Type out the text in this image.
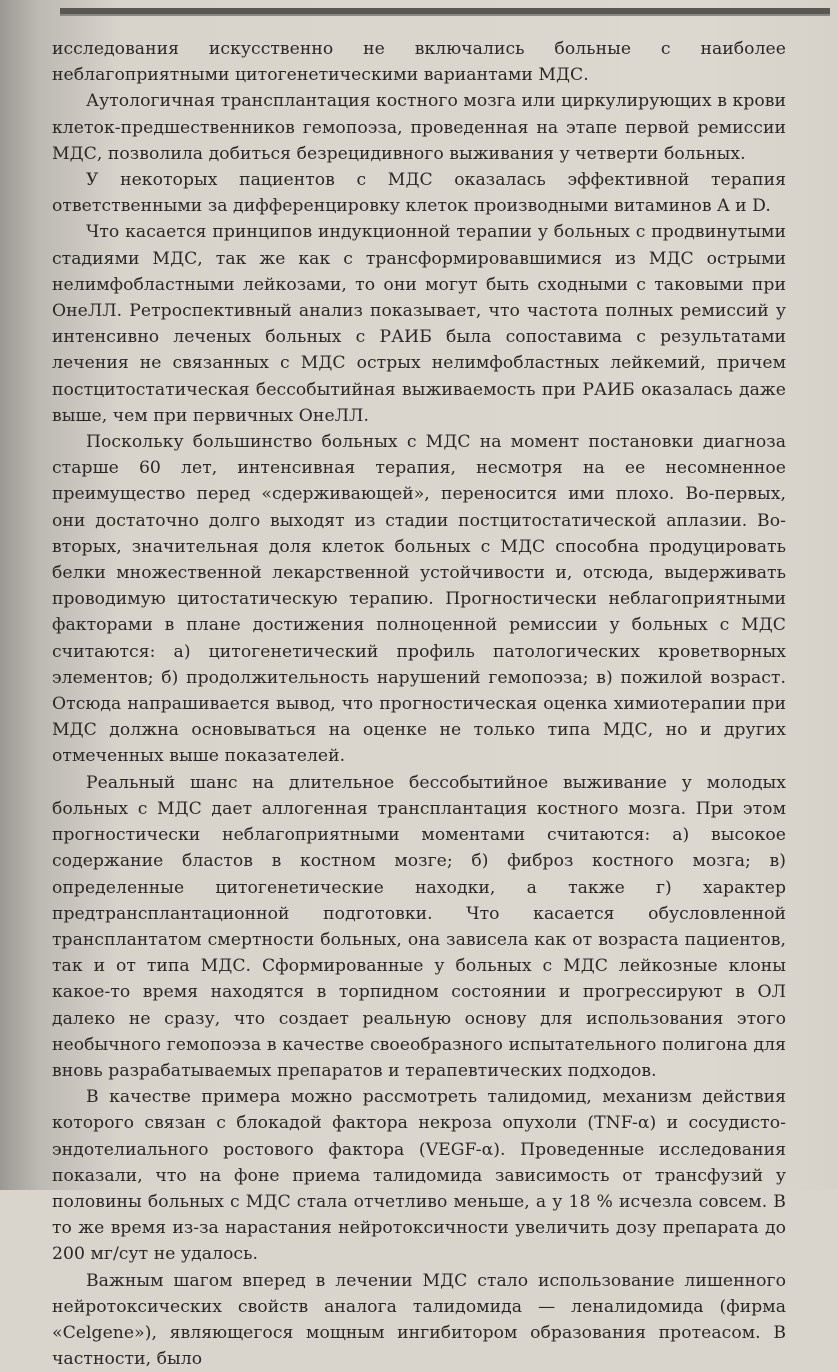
исследования искусственно не включались больные с наиболее неблагоприятными цитогенетическими вариантами МДС.

Аутологичная трансплантация костного мозга или циркулирующих в крови клеток-предшественников гемопоэза, проведенная на этапе первой ремиссии МДС, позволила добиться безрецидивного выживания у четверти больных.

У некоторых пациентов с МДС оказалась эффективной терапия ответственными за дифференцировку клеток производными витаминов A и D.

Что касается принципов индукционной терапии у больных с продвинутыми стадиями МДС, так же как с трансформировавшимися из МДС острыми нелимфобластными лейкозами, то они могут быть сходными с таковыми при ОнеЛЛ. Ретроспективный анализ показывает, что частота полных ремиссий у интенсивно леченых больных с РАИБ была сопоставима с результатами лечения не связанных с МДС острых нелимфобластных лейкемий, причем постцитостатическая бессобытийная выживаемость при РАИБ оказалась даже выше, чем при первичных ОнеЛЛ.

Поскольку большинство больных с МДС на момент постановки диагноза старше 60 лет, интенсивная терапия, несмотря на ее несомненное преимущество перед «сдерживающей», переносится ими плохо. Во-первых, они достаточно долго выходят из стадии постцитостатической аплазии. Во-вторых, значительная доля клеток больных с МДС способна продуцировать белки множественной лекарственной устойчивости и, отсюда, выдерживать проводимую цитостатическую терапию. Прогностически неблагоприятными факторами в плане достижения полноценной ремиссии у больных с МДС считаются: а) цитогенетический профиль патологических кроветворных элементов; б) продолжительность нарушений гемопоэза; в) пожилой возраст. Отсюда напрашивается вывод, что прогностическая оценка химиотерапии при МДС должна основываться на оценке не только типа МДС, но и других отмеченных выше показателей.

Реальный шанс на длительное бессобытийное выживание у молодых больных с МДС дает аллогенная трансплантация костного мозга. При этом прогностически неблагоприятными моментами считаются: а) высокое содержание бластов в костном мозге; б) фиброз костного мозга; в) определенные цитогенетические находки, а также г) характер предтрансплантационной подготовки. Что касается обусловленной трансплантатом смертности больных, она зависела как от возраста пациентов, так и от типа МДС. Сформированные у больных с МДС лейкозные клоны какое-то время находятся в торпидном состоянии и прогрессируют в ОЛ далеко не сразу, что создает реальную основу для использования этого необычного гемопоэза в качестве своеобразного испытательного полигона для вновь разрабатываемых препаратов и терапевтических подходов.

В качестве примера можно рассмотреть талидомид, механизм действия которого связан с блокадой фактора некроза опухоли (TNF-α) и сосудисто-эндотелиального ростового фактора (VEGF-α). Проведенные исследования показали, что на фоне приема талидомида зависимость от трансфузий у половины больных с МДС стала отчетливо меньше, а у 18 % исчезла совсем. В то же время из-за нарастания нейротоксичности увеличить дозу препарата до 200 мг/сут не удалось.

Важным шагом вперед в лечении МДС стало использование лишенного нейротоксических свойств аналога талидомида — леналидомида (фирма «Celgene»), являющегося мощным ингибитором образования протеасом. В частности, было
